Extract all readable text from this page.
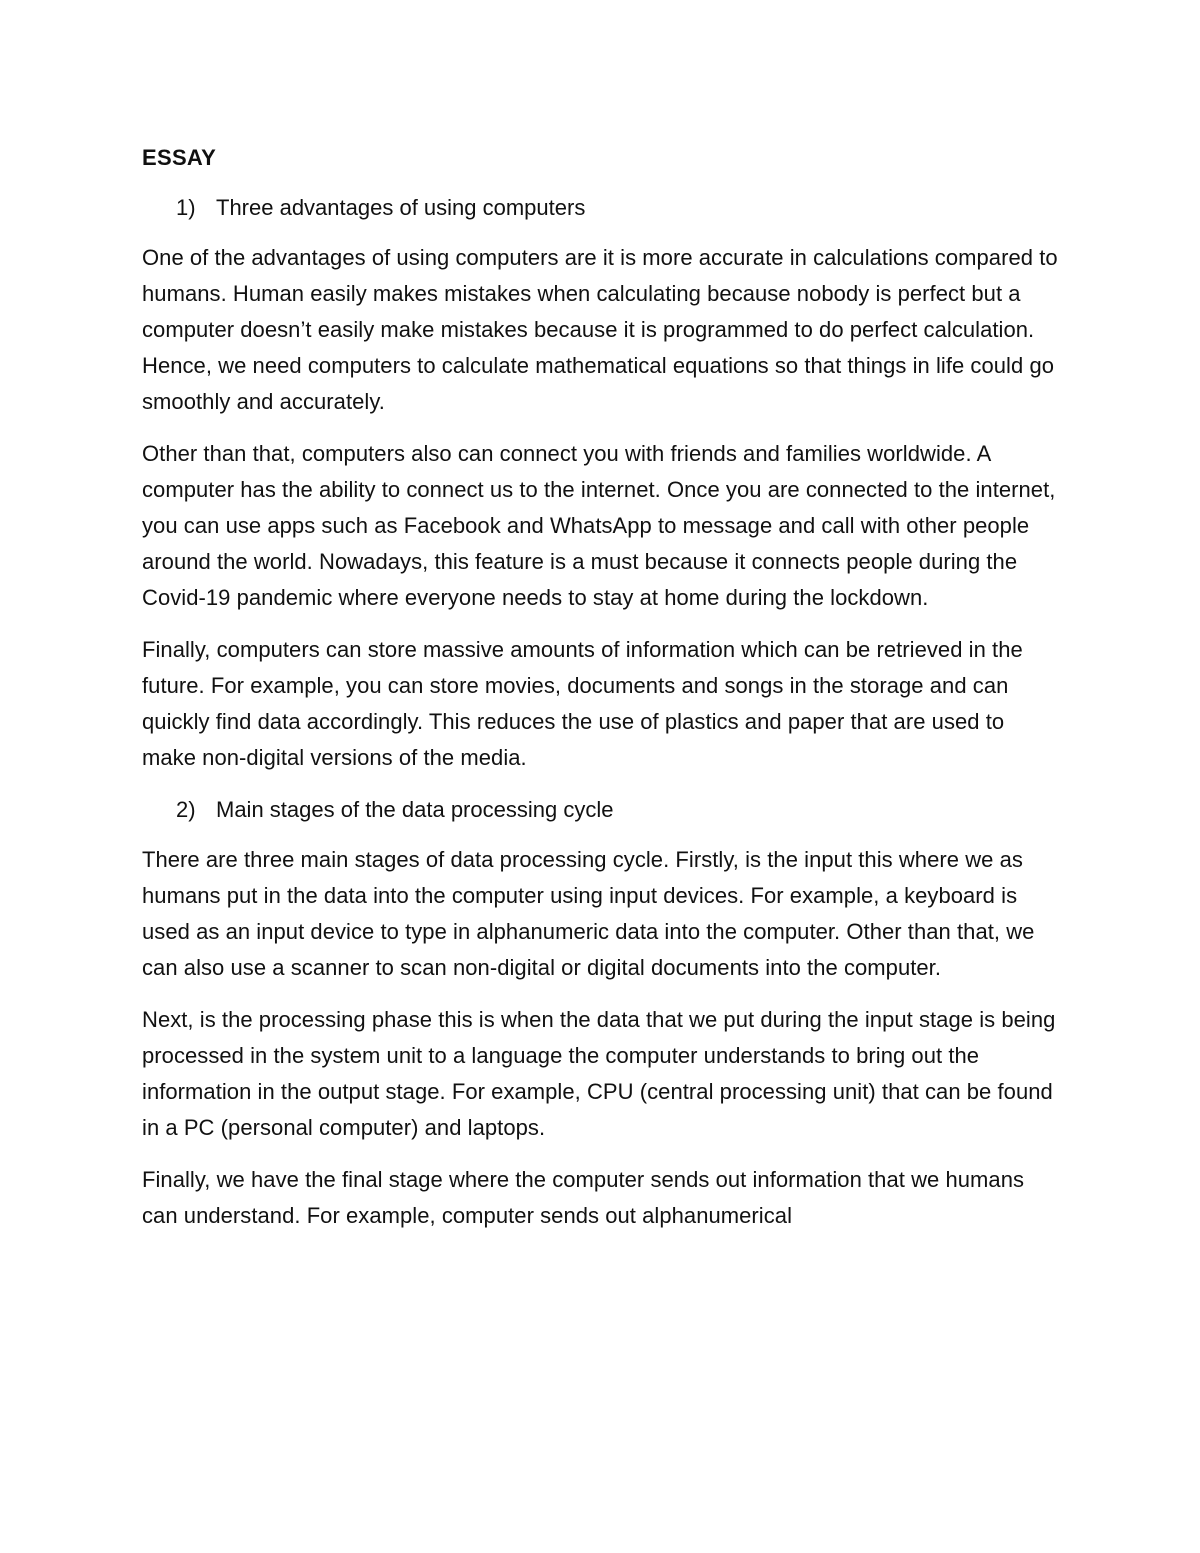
ESSAY
1) Three advantages of using computers

One of the advantages of using computers are it is more accurate in calculations compared to humans. Human easily makes mistakes when calculating because nobody is perfect but a computer doesn’t easily make mistakes because it is programmed to do perfect calculation. Hence, we need computers to calculate mathematical equations so that things in life could go smoothly and accurately.

Other than that, computers also can connect you with friends and families worldwide. A computer has the ability to connect us to the internet. Once you are connected to the internet, you can use apps such as Facebook and WhatsApp to message and call with other people around the world. Nowadays, this feature is a must because it connects people during the Covid-19 pandemic where everyone needs to stay at home during the lockdown.

Finally, computers can store massive amounts of information which can be retrieved in the future. For example, you can store movies, documents and songs in the storage and can quickly find data accordingly. This reduces the use of plastics and paper that are used to make non-digital versions of the media.

2) Main stages of the data processing cycle

There are three main stages of data processing cycle. Firstly, is the input this where we as humans put in the data into the computer using input devices. For example, a keyboard is used as an input device to type in alphanumeric data into the computer. Other than that, we can also use a scanner to scan non-digital or digital documents into the computer.

Next, is the processing phase this is when the data that we put during the input stage is being processed in the system unit to a language the computer understands to bring out the information in the output stage. For example, CPU (central processing unit) that can be found in a PC (personal computer) and laptops.

Finally, we have the final stage where the computer sends out information that we humans can understand. For example, computer sends out alphanumerical
